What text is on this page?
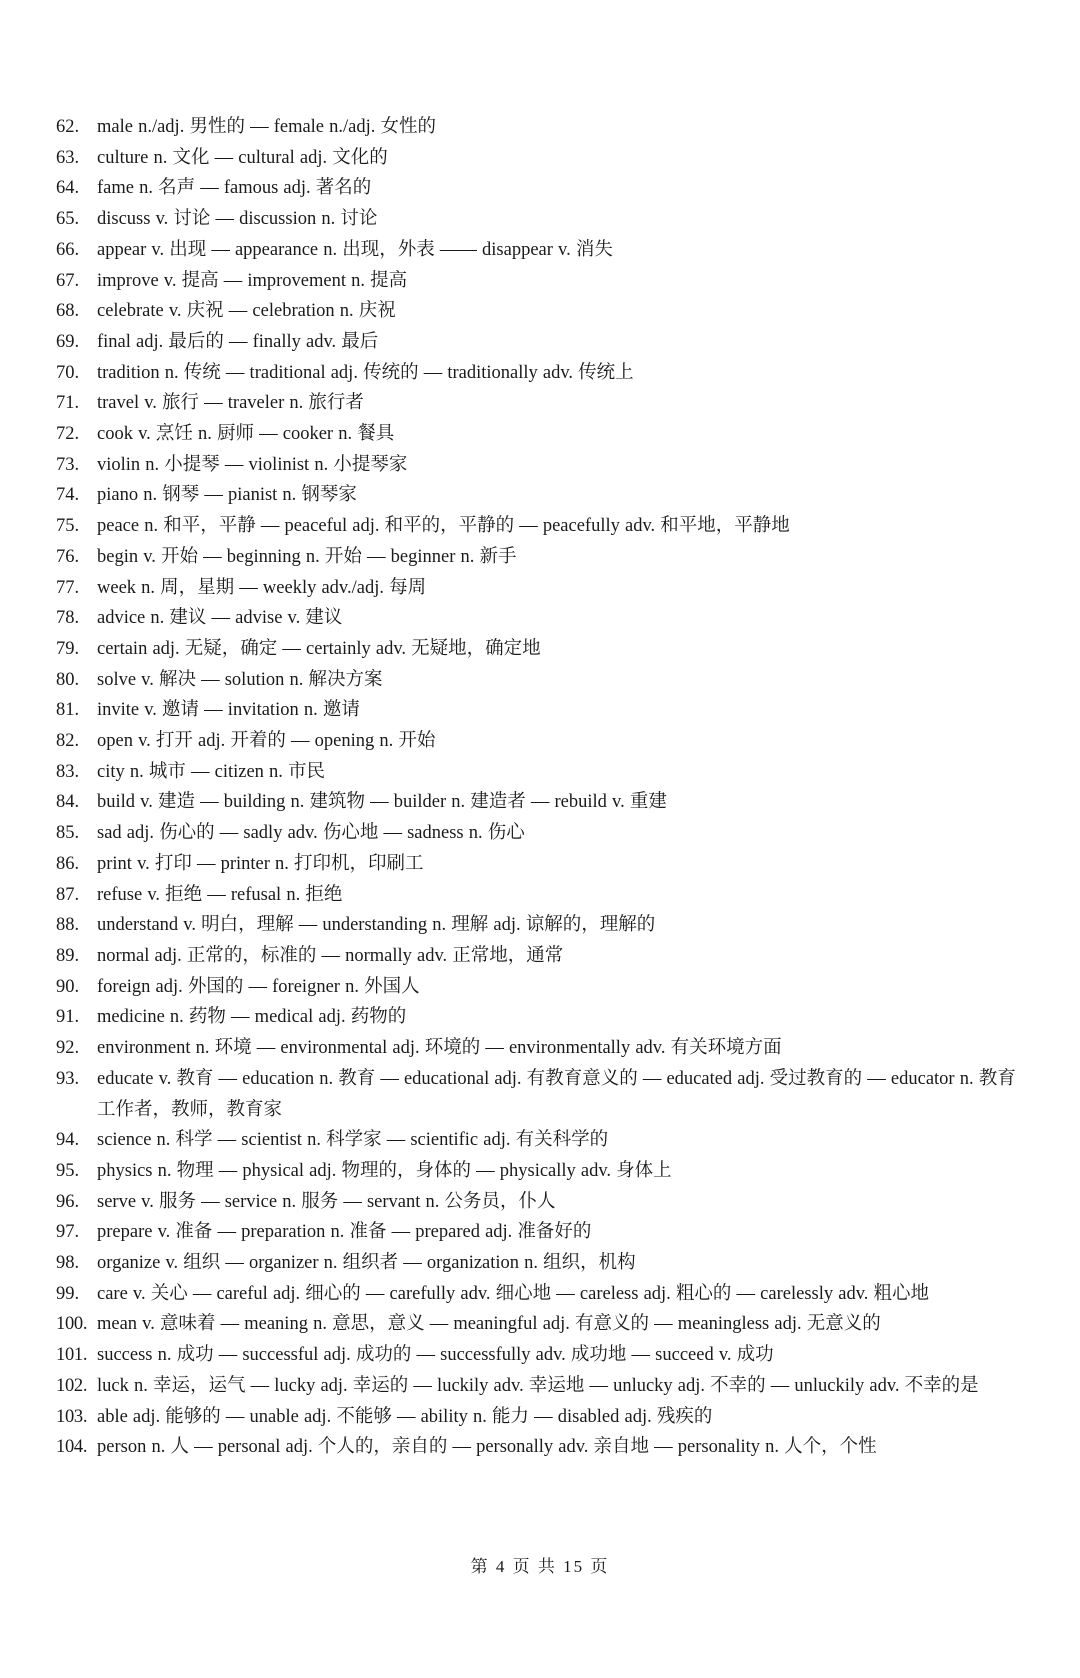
62. male n./adj. 男性的 — female n./adj. 女性的
63. culture n. 文化 — cultural adj. 文化的
64. fame n. 名声 — famous adj. 著名的
65. discuss v. 讨论 — discussion n. 讨论
66. appear v. 出现 — appearance n. 出现，外表 —— disappear v. 消失
67. improve v. 提高 — improvement n. 提高
68. celebrate v. 庆祝 — celebration n. 庆祝
69. final adj. 最后的 — finally adv. 最后
70. tradition n. 传统 — traditional adj. 传统的 — traditionally adv. 传统上
71. travel v. 旅行 — traveler n. 旅行者
72. cook v. 烹饪 n. 厨师 — cooker n. 餐具
73. violin n. 小提琴 — violinist n. 小提琴家
74. piano n. 钢琴 — pianist n. 钢琴家
75. peace n. 和平，平静 — peaceful adj. 和平的，平静的 — peacefully adv. 和平地，平静地
76. begin v. 开始 — beginning n. 开始 — beginner n. 新手
77. week n. 周，星期 — weekly adv./adj. 每周
78. advice n. 建议 — advise v. 建议
79. certain adj. 无疑，确定 — certainly adv. 无疑地，确定地
80. solve v. 解决 — solution n. 解决方案
81. invite v. 邀请 — invitation n. 邀请
82. open v. 打开 adj. 开着的 — opening n. 开始
83. city n. 城市 — citizen n. 市民
84. build v. 建造 — building n. 建筑物 — builder n. 建造者 — rebuild v. 重建
85. sad adj. 伤心的 — sadly adv. 伤心地 — sadness n. 伤心
86. print v. 打印 — printer n. 打印机，印刷工
87. refuse v. 拒绝 — refusal n. 拒绝
88. understand v. 明白，理解 — understanding n. 理解 adj. 谅解的，理解的
89. normal adj. 正常的，标准的 — normally adv. 正常地，通常
90. foreign adj. 外国的 — foreigner n. 外国人
91. medicine n. 药物 — medical adj. 药物的
92. environment n. 环境 — environmental adj. 环境的 — environmentally adv. 有关环境方面
93. educate v. 教育 — education n. 教育 — educational adj. 有教育意义的 — educated adj. 受过教育的 — educator n. 教育工作者，教师，教育家
94. science n. 科学 — scientist n. 科学家 — scientific adj. 有关科学的
95. physics n. 物理 — physical adj. 物理的，身体的 — physically adv. 身体上
96. serve v. 服务 — service n. 服务 — servant n. 公务员，仆人
97. prepare v. 准备 — preparation n. 准备 — prepared adj. 准备好的
98. organize v. 组织 — organizer n. 组织者 — organization n. 组织，机构
99. care v. 关心 — careful adj. 细心的 — carefully adv. 细心地 — careless adj. 粗心的 — carelessly adv. 粗心地
100. mean v. 意味着 — meaning n. 意思，意义 — meaningful adj. 有意义的 — meaningless adj. 无意义的
101. success n. 成功 — successful adj. 成功的 — successfully adv. 成功地 — succeed v. 成功
102. luck n. 幸运，运气 — lucky adj. 幸运的 — luckily adv. 幸运地 — unlucky adj. 不幸的 — unluckily adv. 不幸的是
103. able adj. 能够的 — unable adj. 不能够 — ability n. 能力 — disabled adj. 残疾的
104. person n. 人 — personal adj. 个人的，亲自的 — personally adv. 亲自地 — personality n. 人个，个性
第 4 页 共 15 页
